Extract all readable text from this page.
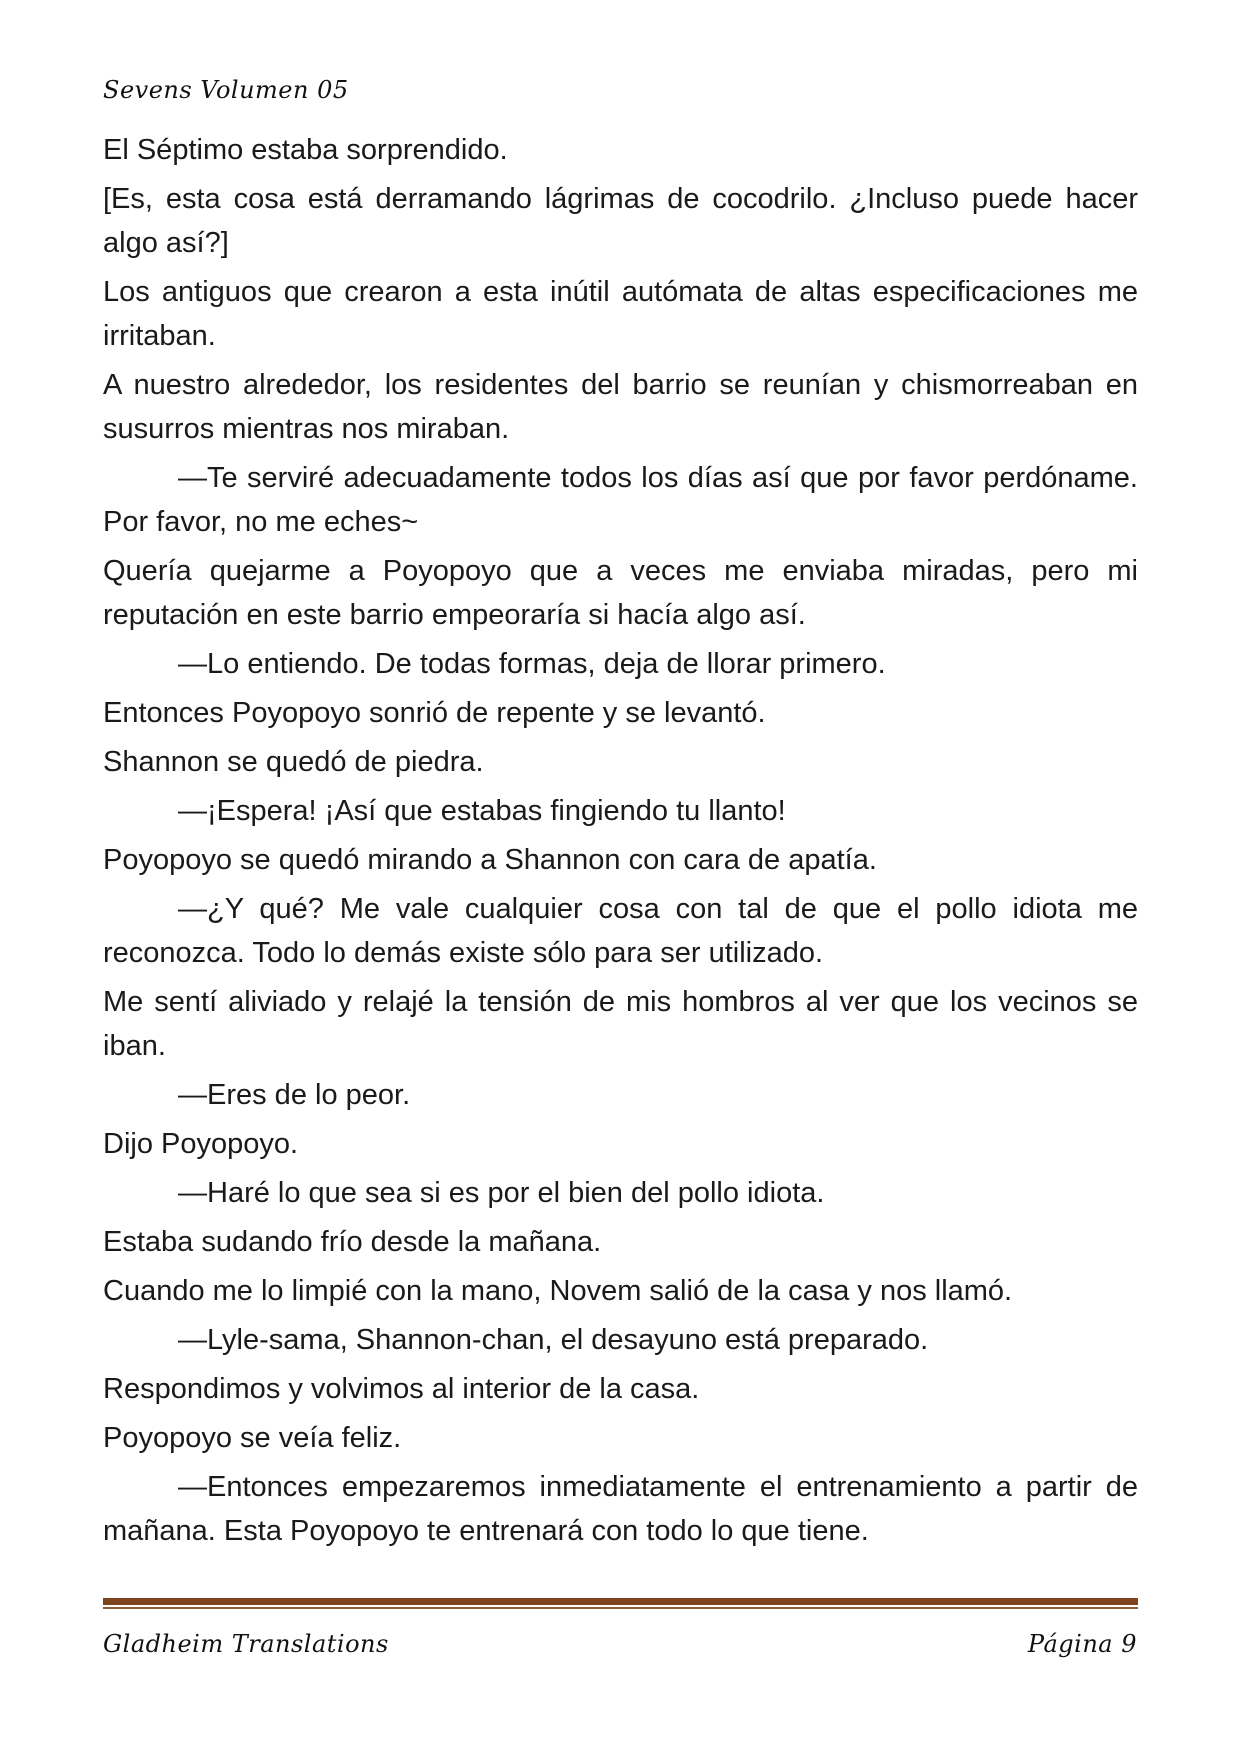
Sevens Volumen 05

El Séptimo estaba sorprendido.

[Es, esta cosa está derramando lágrimas de cocodrilo. ¿Incluso puede hacer algo así?]

Los antiguos que crearon a esta inútil autómata de altas especificaciones me irritaban.

A nuestro alrededor, los residentes del barrio se reunían y chismorreaban en susurros mientras nos miraban.

—Te serviré adecuadamente todos los días así que por favor perdóname. Por favor, no me eches~

Quería quejarme a Poyopoyo que a veces me enviaba miradas, pero mi reputación en este barrio empeoraría si hacía algo así.

—Lo entiendo. De todas formas, deja de llorar primero.

Entonces Poyopoyo sonrió de repente y se levantó.

Shannon se quedó de piedra.

—¡Espera! ¡Así que estabas fingiendo tu llanto!

Poyopoyo se quedó mirando a Shannon con cara de apatía.

—¿Y qué? Me vale cualquier cosa con tal de que el pollo idiota me reconozca. Todo lo demás existe sólo para ser utilizado.

Me sentí aliviado y relajé la tensión de mis hombros al ver que los vecinos se iban.

—Eres de lo peor.

Dijo Poyopoyo.

—Haré lo que sea si es por el bien del pollo idiota.

Estaba sudando frío desde la mañana.

Cuando me lo limpié con la mano, Novem salió de la casa y nos llamó.

—Lyle-sama, Shannon-chan, el desayuno está preparado.

Respondimos y volvimos al interior de la casa.

Poyopoyo se veía feliz.

—Entonces empezaremos inmediatamente el entrenamiento a partir de mañana. Esta Poyopoyo te entrenará con todo lo que tiene.

Gladheim Translations	Página 9
